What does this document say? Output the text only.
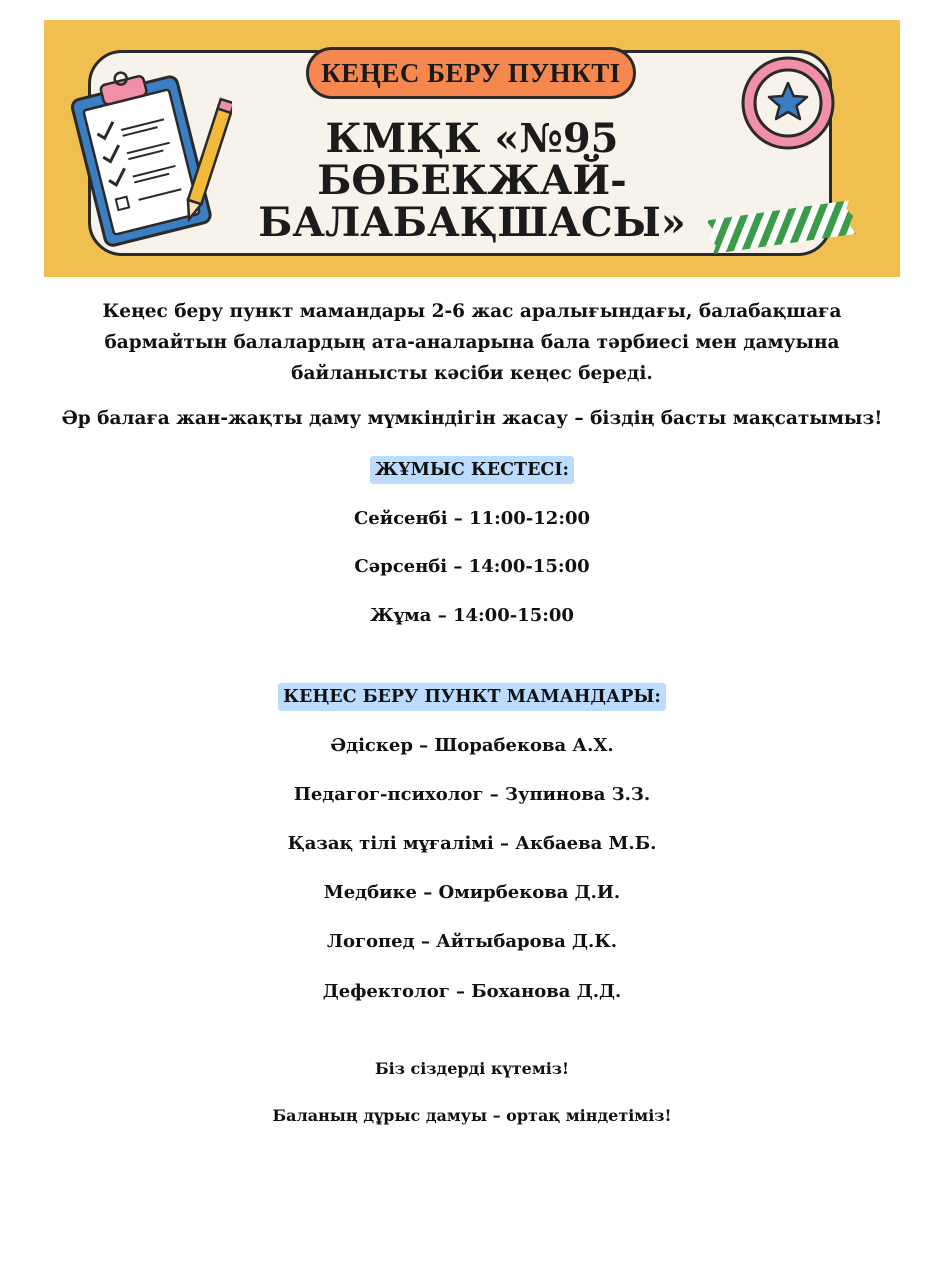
КЕҢЕС БЕРУ ПУНКТІ
КМҚК «№95
БӨБЕКЖАЙ-
БАЛАБАҚШАСЫ»

Кеңес беру пункт мамандары 2-6 жас аралығындағы, балабақшаға бармайтын балалардың ата-аналарына бала тәрбиесі мен дамуына байланысты кәсіби кеңес береді.

Әр балаға жан-жақты даму мүмкіндігін жасау – біздің басты мақсатымыз!

ЖҰМЫС КЕСТЕСІ:

Сейсенбі – 11:00-12:00

Сәрсенбі – 14:00-15:00

Жұма – 14:00-15:00

КЕҢЕС БЕРУ ПУНКТ МАМАНДАРЫ:

Әдіскер – Шорабекова А.Х.

Педагог-психолог – Зупинова З.З.

Қазақ тілі мұғалімі – Акбаева М.Б.

Медбике – Омирбекова Д.И.

Логопед – Айтыбарова Д.К.

Дефектолог – Боханова Д.Д.

Біз сіздерді күтеміз!

Баланың дұрыс дамуы – ортақ міндетіміз!
